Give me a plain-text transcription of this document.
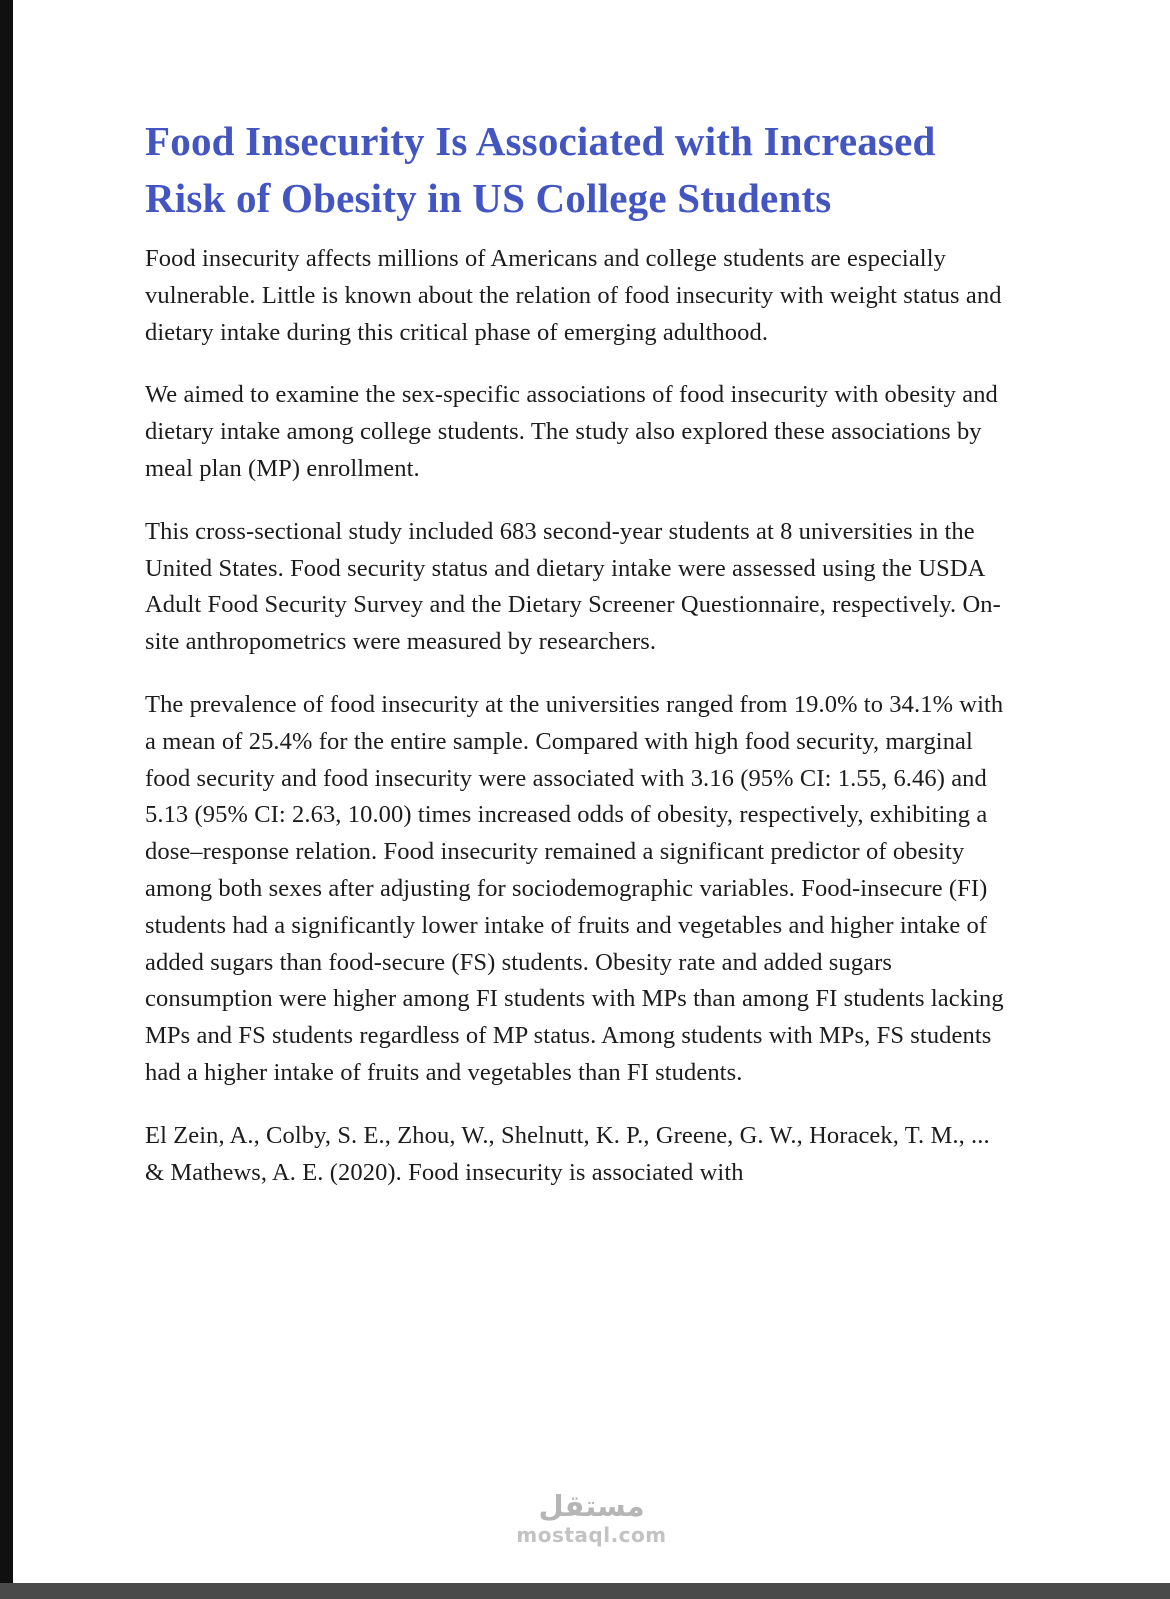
Food Insecurity Is Associated with Increased Risk of Obesity in US College Students

Food insecurity affects millions of Americans and college students are especially vulnerable. Little is known about the relation of food insecurity with weight status and dietary intake during this critical phase of emerging adulthood.

We aimed to examine the sex-specific associations of food insecurity with obesity and dietary intake among college students. The study also explored these associations by meal plan (MP) enrollment.

This cross-sectional study included 683 second-year students at 8 universities in the United States. Food security status and dietary intake were assessed using the USDA Adult Food Security Survey and the Dietary Screener Questionnaire, respectively. On-site anthropometrics were measured by researchers.

The prevalence of food insecurity at the universities ranged from 19.0% to 34.1% with a mean of 25.4% for the entire sample. Compared with high food security, marginal food security and food insecurity were associated with 3.16 (95% CI: 1.55, 6.46) and 5.13 (95% CI: 2.63, 10.00) times increased odds of obesity, respectively, exhibiting a dose–response relation. Food insecurity remained a significant predictor of obesity among both sexes after adjusting for sociodemographic variables. Food-insecure (FI) students had a significantly lower intake of fruits and vegetables and higher intake of added sugars than food-secure (FS) students. Obesity rate and added sugars consumption were higher among FI students with MPs than among FI students lacking MPs and FS students regardless of MP status. Among students with MPs, FS students had a higher intake of fruits and vegetables than FI students.

El Zein, A., Colby, S. E., Zhou, W., Shelnutt, K. P., Greene, G. W., Horacek, T. M., ... & Mathews, A. E. (2020). Food insecurity is associated with

مستقل
mostaql.com
